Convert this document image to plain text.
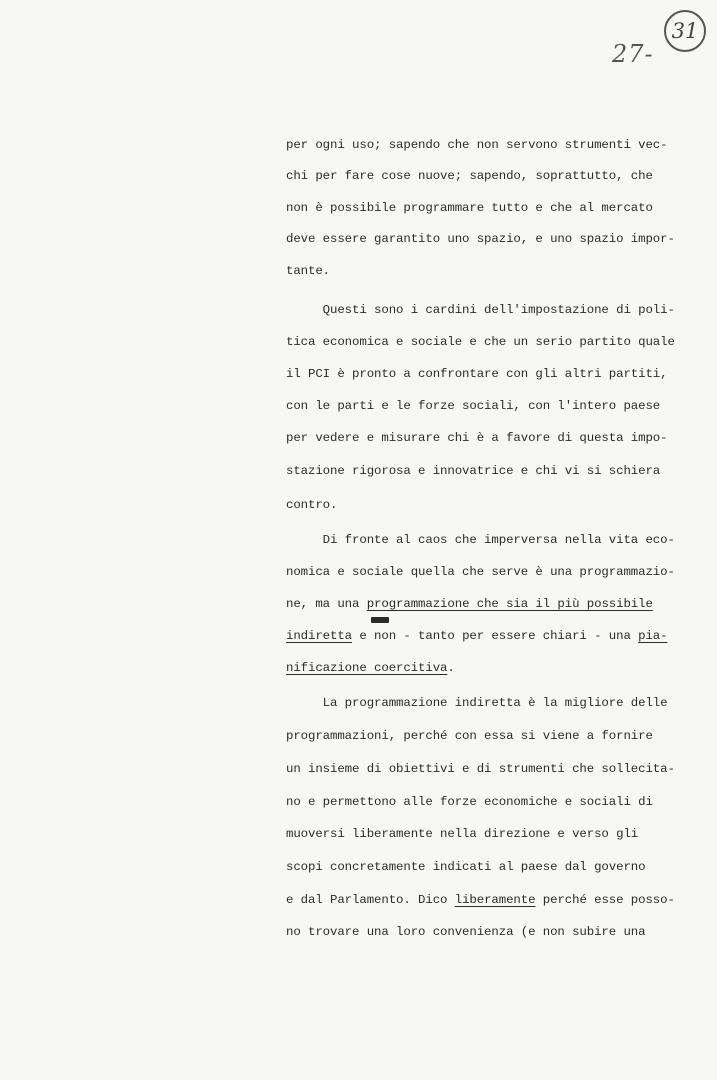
31
27-
per ogni uso; sapendo che non servono strumenti vec-
chi per fare cose nuove; sapendo, soprattutto, che
non è possibile programmare tutto e che al mercato
deve essere garantito uno spazio, e uno spazio impor-
tante.
Questi sono i cardini dell'impostazione di poli-
tica economica e sociale e che un serio partito quale
il PCI è pronto a confrontare con gli altri partiti,
con le parti e le forze sociali, con l'intero paese
per vedere e misurare chi è a favore di questa impo-
stazione rigorosa e innovatrice e chi vi si schiera
contro.
Di fronte al caos che imperversa nella vita eco-
nomica e sociale quella che serve è una programmazio-
ne, ma una programmazione che sia il più possibile
indiretta e non - tanto per essere chiari - una pia-
nificazione coercitiva.
La programmazione indiretta è la migliore delle
programmazioni, perché con essa si viene a fornire
un insieme di obiettivi e di strumenti che sollecita-
no e permettono alle forze economiche e sociali di
muoversi liberamente nella direzione e verso gli
scopi concretamente indicati al paese dal governo
e dal Parlamento. Dico liberamente perché esse posso-
no trovare una loro convenienza (e non subire una
